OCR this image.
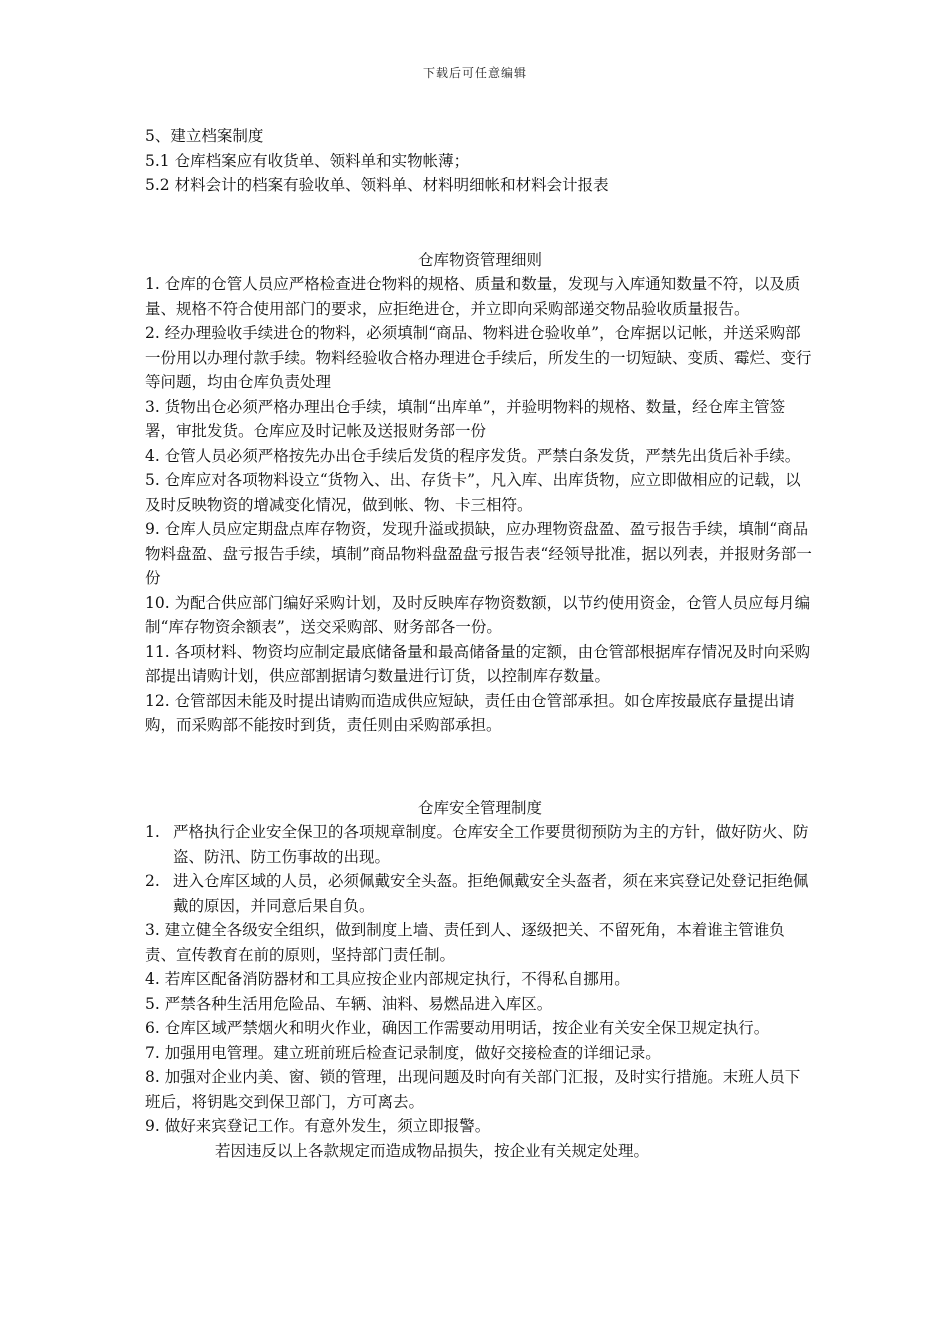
下载后可任意编辑

5、建立档案制度

5.1 仓库档案应有收货单、领料单和实物帐薄；

5.2 材料会计的档案有验收单、领料单、材料明细帐和材料会计报表

仓库物资管理细则

1. 仓库的仓管人员应严格检查进仓物料的规格、质量和数量，发现与入库通知数量不符，以及质量、规格不符合使用部门的要求，应拒绝进仓，并立即向采购部递交物品验收质量报告。

2. 经办理验收手续进仓的物料，必须填制“商品、物料进仓验收单”，仓库据以记帐，并送采购部一份用以办理付款手续。物料经验收合格办理进仓手续后，所发生的一切短缺、变质、霉烂、变行等问题，均由仓库负责处理

3. 货物出仓必须严格办理出仓手续，填制“出库单”，并验明物料的规格、数量，经仓库主管签署，审批发货。仓库应及时记帐及送报财务部一份

4. 仓管人员必须严格按先办出仓手续后发货的程序发货。严禁白条发货，严禁先出货后补手续。

5. 仓库应对各项物料设立“货物入、出、存货卡”，凡入库、出库货物，应立即做相应的记载，以及时反映物资的增减变化情况，做到帐、物、卡三相符。

9. 仓库人员应定期盘点库存物资，发现升溢或损缺，应办理物资盘盈、盈亏报告手续，填制“商品物料盘盈、盘亏报告手续，填制”商品物料盘盈盘亏报告表“经领导批准，据以列表，并报财务部一份

10. 为配合供应部门编好采购计划，及时反映库存物资数额，以节约使用资金，仓管人员应每月编制“库存物资余额表”，送交采购部、财务部各一份。

11. 各项材料、物资均应制定最底储备量和最高储备量的定额，由仓管部根据库存情况及时向采购部提出请购计划，供应部割据请匀数量进行订货，以控制库存数量。

12. 仓管部因未能及时提出请购而造成供应短缺，责任由仓管部承担。如仓库按最底存量提出请购，而采购部不能按时到货，责任则由采购部承担。

仓库安全管理制度

1. 严格执行企业安全保卫的各项规章制度。仓库安全工作要贯彻预防为主的方针，做好防火、防盗、防汛、防工伤事故的出现。
2. 进入仓库区域的人员，必须佩戴安全头盔。拒绝佩戴安全头盔者，须在来宾登记处登记拒绝佩戴的原因，并同意后果自负。

3. 建立健全各级安全组织，做到制度上墙、责任到人、逐级把关、不留死角，本着谁主管谁负责、宣传教育在前的原则，坚持部门责任制。

4. 若库区配备消防器材和工具应按企业内部规定执行，不得私自挪用。

5. 严禁各种生活用危险品、车辆、油料、易燃品进入库区。

6. 仓库区域严禁烟火和明火作业，确因工作需要动用明话，按企业有关安全保卫规定执行。

7. 加强用电管理。建立班前班后检查记录制度，做好交接检查的详细记录。

8. 加强对企业内美、窗、锁的管理，出现问题及时向有关部门汇报，及时实行措施。末班人员下班后，将钥匙交到保卫部门，方可离去。

9. 做好来宾登记工作。有意外发生，须立即报警。

若因违反以上各款规定而造成物品损失，按企业有关规定处理。
